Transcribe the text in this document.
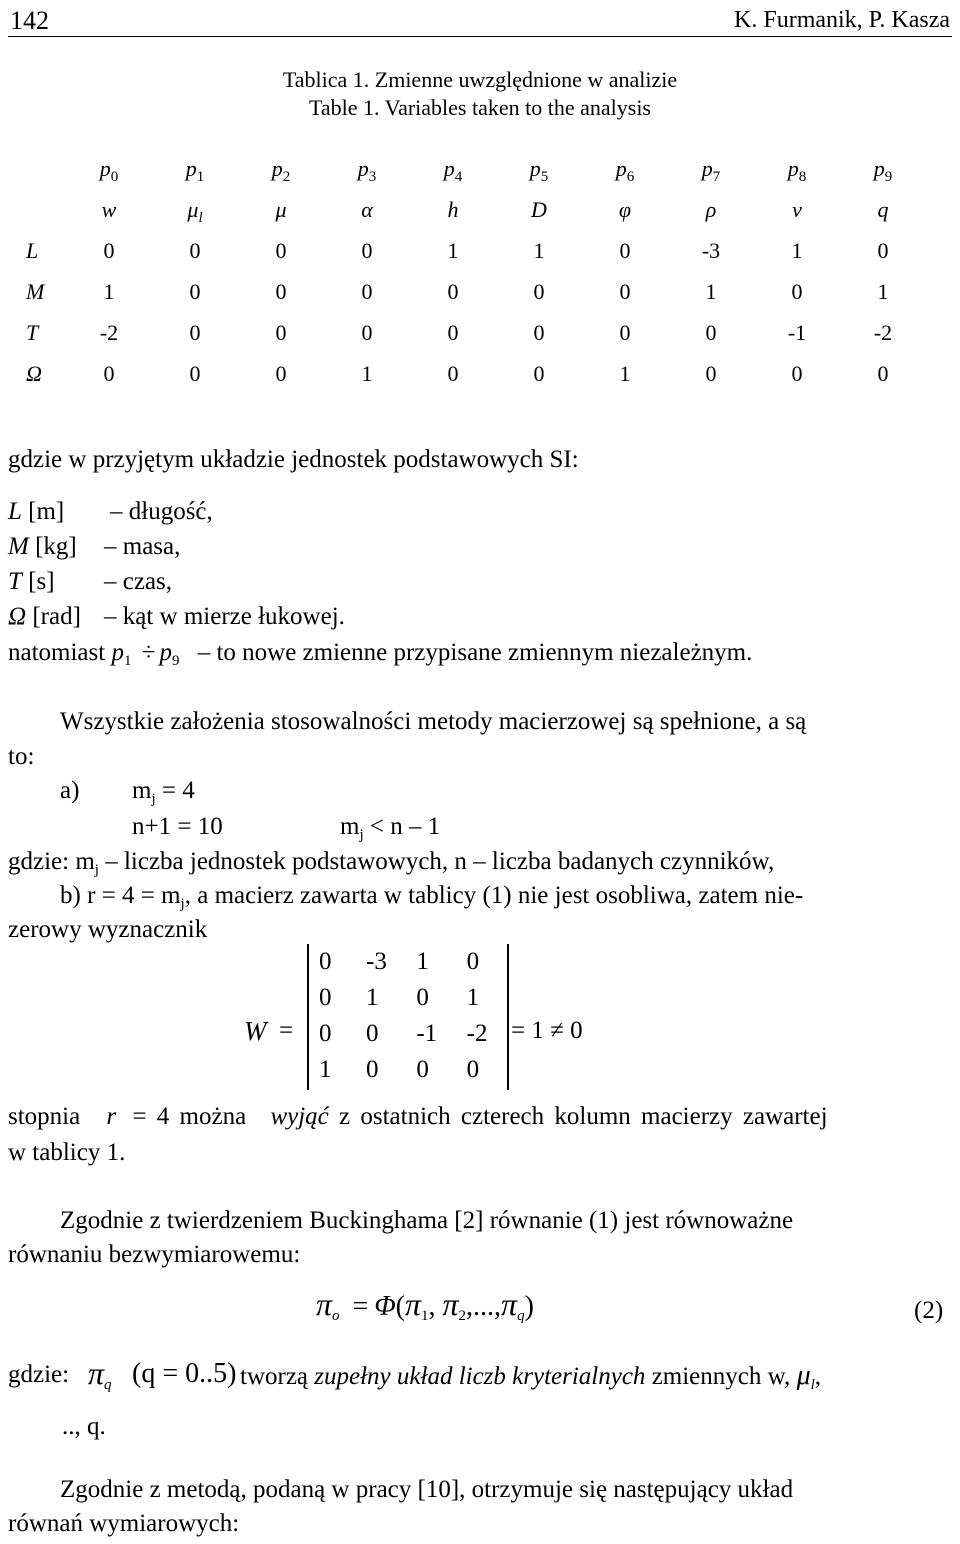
142	K. Furmanik, P. Kasza
Tablica 1. Zmienne uwzględnione w analizie
Table 1. Variables taken to the analysis
	$p_0$	$p_1$	$p_2$	$p_3$	$p_4$	$p_5$	$p_6$	$p_7$	$p_8$	$p_9$
	w	$\mu_l$	μ	α	h	D	φ	ρ	v	q
L	0	0	0	0	1	1	0	-3	1	0
M	1	0	0	0	0	0	0	1	0	1
T	-2	0	0	0	0	0	0	0	-1	-2
Ω	0	0	0	1	0	0	1	0	0	0
gdzie w przyjętym układzie jednostek podstawowych SI:
L [m] – długość,
M [kg] – masa,
T [s] – czas,
Ω [rad] – kąt w mierze łukowej.
natomiast $p_1 \div p_9$ – to nowe zmienne przypisane zmiennym niezależnym.
Wszystkie założenia stosowalności metody macierzowej są spełnione, a są
to:
a) $m_j = 4$
n+1 = 10	$m_j < n - 1$
gdzie: $m_j$ – liczba jednostek podstawowych, n – liczba badanych czynników,
b) $r = 4 = m_j$, a macierz zawarta w tablicy (1) nie jest osobliwa, zatem nie-
zerowy wyznacznik
W =
0	-3	1	0
0	1	0	1
0	0	-1	-2
1	0	0	0
= 1 ≠ 0
stopnia r = 4 można wyjąć z ostatnich czterech kolumn macierzy zawartej
w tablicy 1.
Zgodnie z twierdzeniem Buckinghama [2] równanie (1) jest równoważne
równaniu bezwymiarowemu:
$\pi_o = \Phi(\pi_1$, $\pi_2,...,\pi_q$)	(2)
gdzie: $\pi_q$ (q = 0..5) tworzą zupełny układ liczb kryterialnych zmiennych w, $\mu_l$,
.., q.
Zgodnie z metodą, podaną w pracy [10], otrzymuje się następujący układ
równań wymiarowych:
